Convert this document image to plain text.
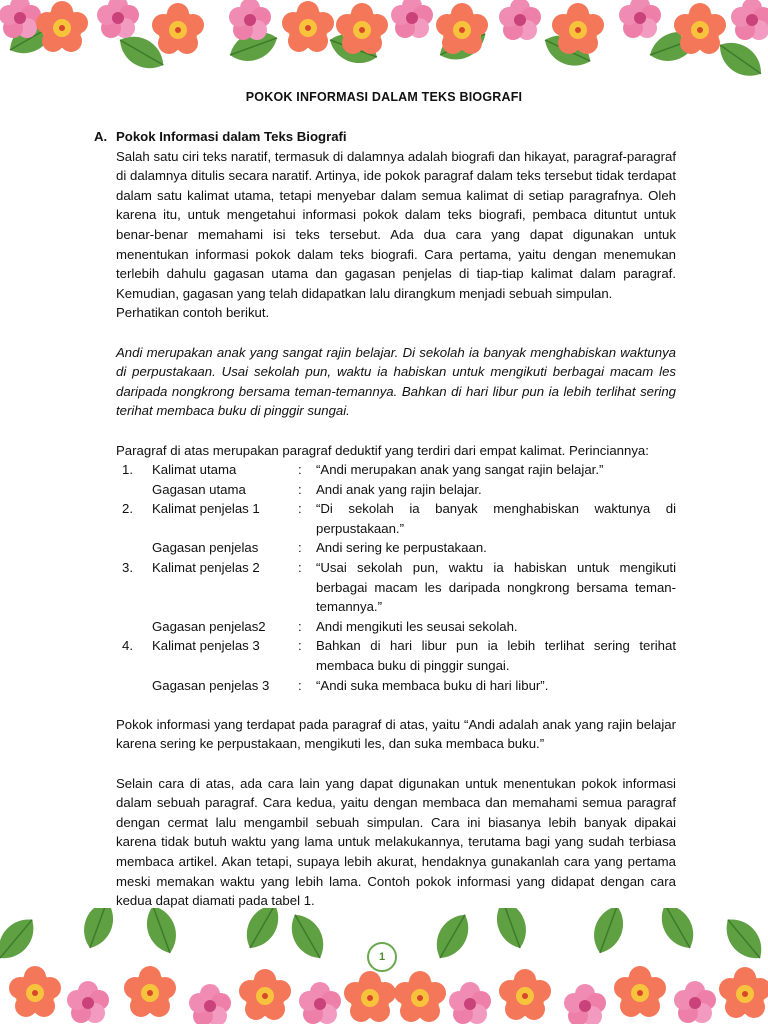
POKOK INFORMASI DALAM TEKS BIOGRAFI
A. Pokok Informasi dalam Teks Biografi

Salah satu ciri teks naratif, termasuk di dalamnya adalah biografi dan hikayat, paragraf-paragraf di dalamnya ditulis secara naratif. Artinya, ide pokok paragraf dalam teks tersebut tidak terdapat dalam satu kalimat utama, tetapi menyebar dalam semua kalimat di setiap paragrafnya. Oleh karena itu, untuk mengetahui informasi pokok dalam teks biografi, pembaca dituntut untuk benar-benar memahami isi teks tersebut. Ada dua cara yang dapat digunakan untuk menentukan informasi pokok dalam teks biografi. Cara pertama, yaitu dengan menemukan terlebih dahulu gagasan utama dan gagasan penjelas di tiap-tiap kalimat dalam paragraf. Kemudian, gagasan yang telah didapatkan lalu dirangkum menjadi sebuah simpulan.

Perhatikan contoh berikut.

Andi merupakan anak yang sangat rajin belajar. Di sekolah ia banyak menghabiskan waktunya di perpustakaan. Usai sekolah pun, waktu ia habiskan untuk mengikuti berbagai macam les daripada nongkrong bersama teman-temannya. Bahkan di hari libur pun ia lebih terlihat sering terihat membaca buku di pinggir sungai.

Paragraf di atas merupakan paragraf deduktif yang terdiri dari empat kalimat. Perinciannya:

1.	Kalimat utama	:	“Andi merupakan anak yang sangat rajin belajar.”
Gagasan utama	:	Andi anak yang rajin belajar.
2.	Kalimat penjelas 1	:	“Di sekolah ia banyak menghabiskan waktunya di perpustakaan.”
Gagasan penjelas	:	Andi sering ke perpustakaan.
3.	Kalimat penjelas 2	:	“Usai sekolah pun, waktu ia habiskan untuk mengikuti berbagai macam les daripada nongkrong bersama teman-temannya.”
Gagasan penjelas2	:	Andi mengikuti les seusai sekolah.
4.	Kalimat penjelas 3	:	Bahkan di hari libur pun ia lebih terlihat sering terihat membaca buku di pinggir sungai.
Gagasan penjelas 3	:	“Andi suka membaca buku di hari libur”.

Pokok informasi yang terdapat pada paragraf di atas, yaitu “Andi adalah anak yang rajin belajar karena sering ke perpustakaan, mengikuti les, dan suka membaca buku.”

Selain cara di atas, ada cara lain yang dapat digunakan untuk menentukan pokok informasi dalam sebuah paragraf. Cara kedua, yaitu dengan membaca dan memahami semua paragraf dengan cermat lalu mengambil sebuah simpulan. Cara ini biasanya lebih banyak dipakai karena tidak butuh waktu yang lama untuk melakukannya, terutama bagi yang sudah terbiasa membaca artikel. Akan tetapi, supaya lebih akurat, hendaknya gunakanlah cara yang pertama meski memakan waktu yang lebih lama. Contoh pokok informasi yang didapat dengan cara kedua dapat diamati pada tabel 1.

1
